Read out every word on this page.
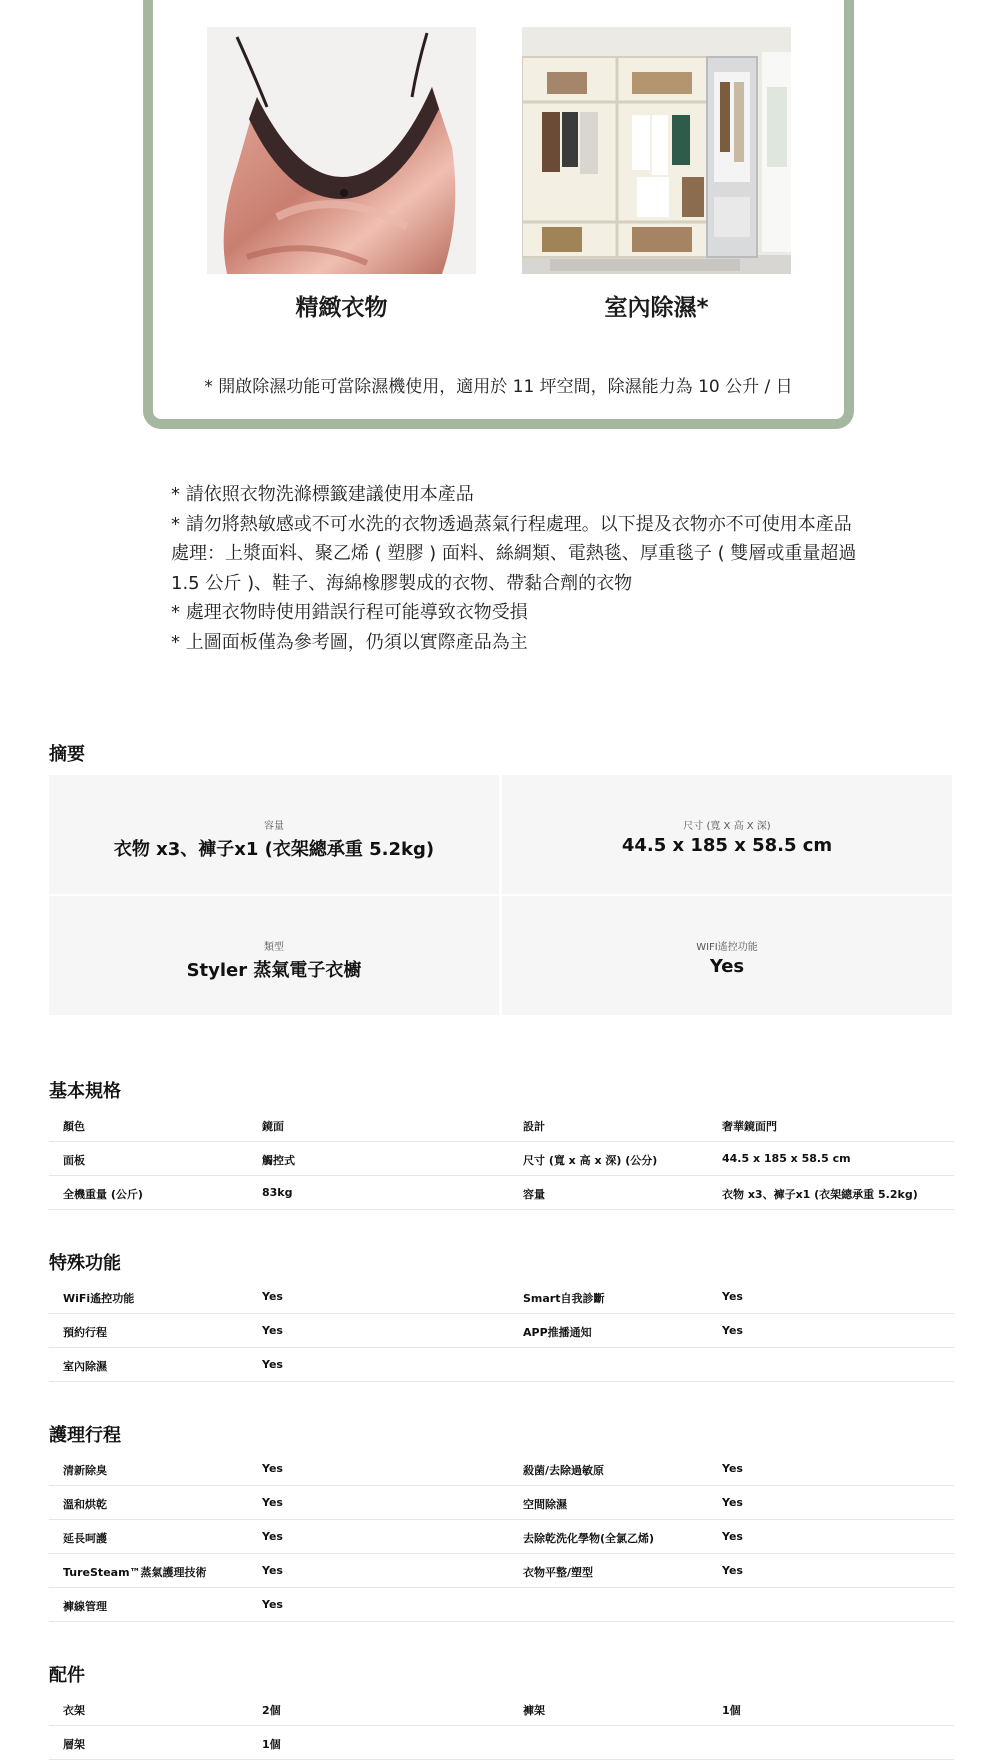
精緻衣物	室內除濕*
* 開啟除濕功能可當除濕機使用，適用於 11 坪空間，除濕能力為 10 公升 / 日

* 請依照衣物洗滌標籤建議使用本產品

* 請勿將熱敏感或不可水洗的衣物透過蒸氣行程處理。以下提及衣物亦不可使用本產品

處理：上漿面料、聚乙烯 ( 塑膠 ) 面料、絲綢類、電熱毯、厚重毯子 ( 雙層或重量超過

1.5 公斤 )、鞋子、海綿橡膠製成的衣物、帶黏合劑的衣物

* 處理衣物時使用錯誤行程可能導致衣物受損

* 上圖面板僅為參考圖，仍須以實際產品為主

摘要
容量
衣物 x3、褲子x1 (衣架總承重 5.2kg)
尺寸 (寬 X 高 X 深)
44.5 x 185 x 58.5 cm
類型
Styler 蒸氣電子衣櫥
WIFI遙控功能
Yes
基本規格
顏色	鏡面	設計	奢華鏡面門
面板	觸控式	尺寸 (寬 x 高 x 深) (公分)	44.5 x 185 x 58.5 cm
全機重量 (公斤)	83kg	容量	衣物 x3、褲子x1 (衣架總承重 5.2kg)
特殊功能
WiFi遙控功能	Yes	Smart自我診斷	Yes
預約行程	Yes	APP推播通知	Yes
室內除濕	Yes
護理行程
清新除臭	Yes	殺菌/去除過敏原	Yes
溫和烘乾	Yes	空間除濕	Yes
延長呵護	Yes	去除乾洗化學物(全氯乙烯)	Yes
TureSteam™蒸氣護理技術	Yes	衣物平整/塑型	Yes
褲線管理	Yes
配件
衣架	2個	褲架	1個
層架	1個
